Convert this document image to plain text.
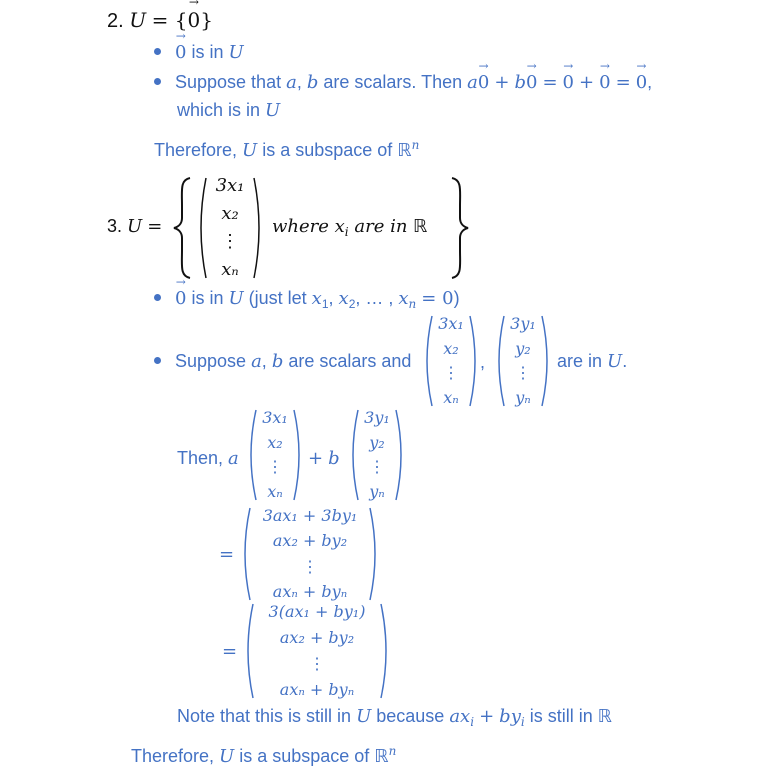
2. U = {→ 0}
→ 0 is in U
Suppose that a, b are scalars. Then a→ 0 + b→ 0 = → 0 + → 0 = → 0,
which is in U
Therefore, U is a subspace of ℝ$^n$
3. U =
3x₁
x₂
⋮
xₙ
where $x_i$ are in ℝ
→ 0 is in U (just let $x_1$, $x_2$, … , $x_n = 0$)
Suppose a, b are scalars and
3x₁
x₂
⋮
xₙ
,
3y₁
y₂
⋮
yₙ
are in U.
Then, a
3x₁
x₂
⋮
xₙ
+ b
3y₁
y₂
⋮
yₙ
=
3ax₁ + 3by₁
ax₂ + by₂
⋮
axₙ + byₙ
=
3(ax₁ + by₁)
ax₂ + by₂
⋮
axₙ + byₙ
Note that this is still in U because $ax_i + by_i$ is still in ℝ
Therefore, U is a subspace of ℝ$^n$
